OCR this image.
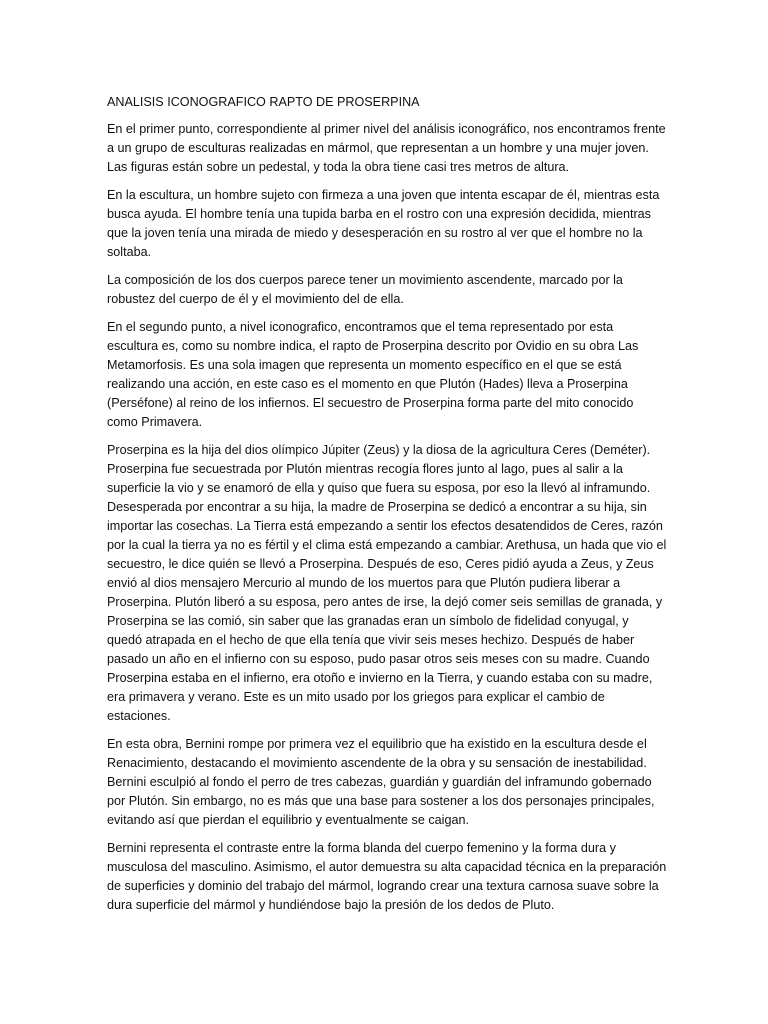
ANALISIS ICONOGRAFICO RAPTO DE PROSERPINA

En el primer punto, correspondiente al primer nivel del análisis iconográfico, nos encontramos frente a un grupo de esculturas realizadas en mármol, que representan a un hombre y una mujer joven. Las figuras están sobre un pedestal, y toda la obra tiene casi tres metros de altura.

En la escultura, un hombre sujeto con firmeza a una joven que intenta escapar de él, mientras esta busca ayuda. El hombre tenía una tupida barba en el rostro con una expresión decidida, mientras que la joven tenía una mirada de miedo y desesperación en su rostro al ver que el hombre no la soltaba.

La composición de los dos cuerpos parece tener un movimiento ascendente, marcado por la robustez del cuerpo de él y el movimiento del de ella.

En el segundo punto, a nivel iconografico, encontramos que el tema representado por esta escultura es, como su nombre indica, el rapto de Proserpina descrito por Ovidio en su obra Las Metamorfosis. Es una sola imagen que representa un momento específico en el que se está realizando una acción, en este caso es el momento en que Plutón (Hades) lleva a Proserpina (Perséfone) al reino de los infiernos. El secuestro de Proserpina forma parte del mito conocido como Primavera.

Proserpina es la hija del dios olímpico Júpiter (Zeus) y la diosa de la agricultura Ceres (Deméter). Proserpina fue secuestrada por Plutón mientras recogía flores junto al lago, pues al salir a la superficie la vio y se enamoró de ella y quiso que fuera su esposa, por eso la llevó al inframundo. Desesperada por encontrar a su hija, la madre de Proserpina se dedicó a encontrar a su hija, sin importar las cosechas. La Tierra está empezando a sentir los efectos desatendidos de Ceres, razón por la cual la tierra ya no es fértil y el clima está empezando a cambiar. Arethusa, un hada que vio el secuestro, le dice quién se llevó a Proserpina. Después de eso, Ceres pidió ayuda a Zeus, y Zeus envió al dios mensajero Mercurio al mundo de los muertos para que Plutón pudiera liberar a Proserpina. Plutón liberó a su esposa, pero antes de irse, la dejó comer seis semillas de granada, y Proserpina se las comió, sin saber que las granadas eran un símbolo de fidelidad conyugal, y quedó atrapada en el hecho de que ella tenía que vivir seis meses hechizo. Después de haber pasado un año en el infierno con su esposo, pudo pasar otros seis meses con su madre. Cuando Proserpina estaba en el infierno, era otoño e invierno en la Tierra, y cuando estaba con su madre, era primavera y verano. Este es un mito usado por los griegos para explicar el cambio de estaciones.

En esta obra, Bernini rompe por primera vez el equilibrio que ha existido en la escultura desde el Renacimiento, destacando el movimiento ascendente de la obra y su sensación de inestabilidad. Bernini esculpió al fondo el perro de tres cabezas, guardián y guardián del inframundo gobernado por Plutón. Sin embargo, no es más que una base para sostener a los dos personajes principales, evitando así que pierdan el equilibrio y eventualmente se caigan.

Bernini representa el contraste entre la forma blanda del cuerpo femenino y la forma dura y musculosa del masculino. Asimismo, el autor demuestra su alta capacidad técnica en la preparación de superficies y dominio del trabajo del mármol, logrando crear una textura carnosa suave sobre la dura superficie del mármol y hundiéndose bajo la presión de los dedos de Pluto.
